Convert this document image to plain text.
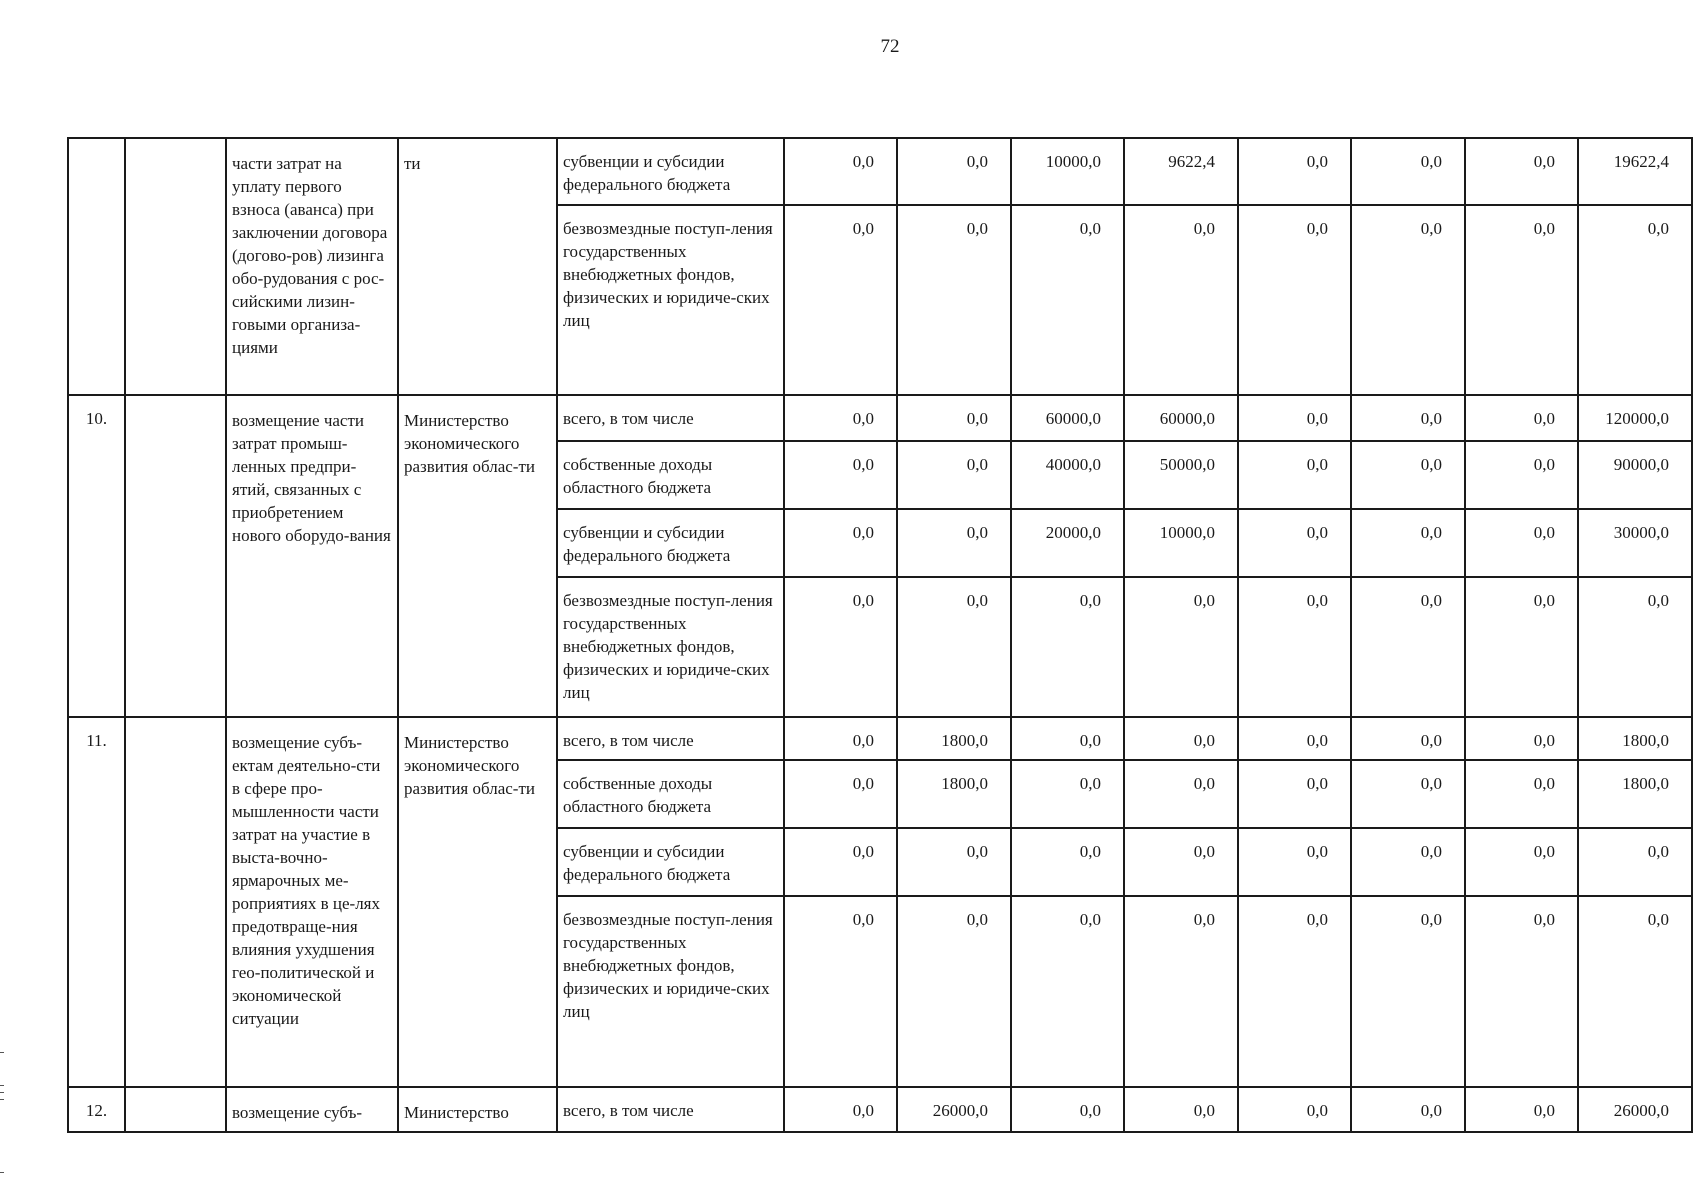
72
		части затрат на уплату первого взноса (аванса) при заключении договора (догово-ров) лизинга обо-рудования с рос-сийскими лизин-говыми организа-циями	ти	субвенции и субсидии федерального бюджета	0,0	0,0	10000,0	9622,4	0,0	0,0	0,0	19622,4
				безвозмездные поступ-ления государственных внебюджетных фондов, физических и юридиче-ских лиц	0,0	0,0	0,0	0,0	0,0	0,0	0,0	0,0
10.		возмещение части затрат промыш-ленных предпри-ятий, связанных с приобретением нового оборудо-вания	Министерство экономического развития облас-ти	всего, в том числе	0,0	0,0	60000,0	60000,0	0,0	0,0	0,0	120000,0
				собственные доходы областного бюджета	0,0	0,0	40000,0	50000,0	0,0	0,0	0,0	90000,0
				субвенции и субсидии федерального бюджета	0,0	0,0	20000,0	10000,0	0,0	0,0	0,0	30000,0
				безвозмездные поступ-ления государственных внебюджетных фондов, физических и юридиче-ских лиц	0,0	0,0	0,0	0,0	0,0	0,0	0,0	0,0
11.		возмещение субъ-ектам деятельно-сти в сфере про-мышленности части затрат на участие в выста-вочно-ярмарочных ме-роприятиях в це-лях предотвраще-ния влияния ухудшения гео-политической и экономической ситуации	Министерство экономического развития облас-ти	всего, в том числе	0,0	1800,0	0,0	0,0	0,0	0,0	0,0	1800,0
				собственные доходы областного бюджета	0,0	1800,0	0,0	0,0	0,0	0,0	0,0	1800,0
				субвенции и субсидии федерального бюджета	0,0	0,0	0,0	0,0	0,0	0,0	0,0	0,0
				безвозмездные поступ-ления государственных внебюджетных фондов, физических и юридиче-ских лиц	0,0	0,0	0,0	0,0	0,0	0,0	0,0	0,0
12.		возмещение субъ-	Министерство	всего, в том числе	0,0	26000,0	0,0	0,0	0,0	0,0	0,0	26000,0
